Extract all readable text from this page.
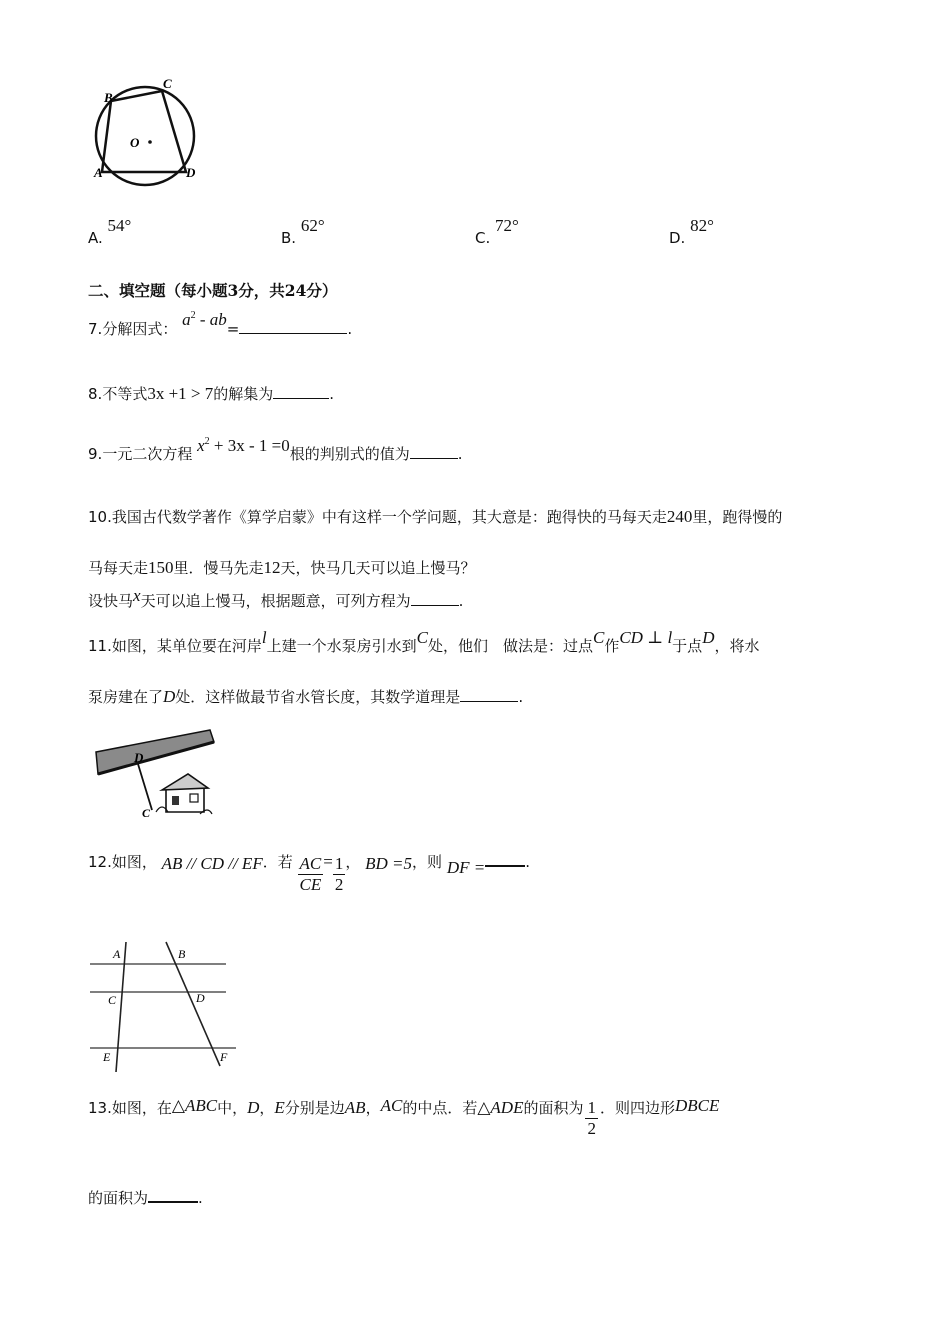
B
C
O
A	D
A. 54°
B. 62°
C. 72°
D. 82°
二、填空题（每小题3分，共24分）
7.分解因式： $a^2 - ab=$	.
8.不等式3x +1 > 7的解集为	.
9.一元二次方程 $x^2 + 3x - 1 =0$根的判别式的值为	.
10.我国古代数学著作《算学启蒙》中有这样一个学问题，其大意是：跑得快的马每天走240里，跑得慢的
马每天走150里．慢马先走12天，快马几天可以追上慢马？
设快马x天可以追上慢马，根据题意，可列方程为	.
11.如图，某单位要在河岸l上建一个水泵房引水到C处，他们　做法是：过点C作CD ⊥ l于点D，将水
泵房建在了D处．这样做最节省水管长度，其数学道理是	.
D
C
12.如图， AB // CD // EF．若 $\frac{AC}{CE} = \frac{1}{2}$ ， BD =5，则 DF =	.
A	B
C	D
E	F
13.如图，在△ABC中，D，E分别是边AB，AC的中点．若△ADE的面积为 $\frac{1}{2}$ ．则四边形DBCE
的面积为	.
